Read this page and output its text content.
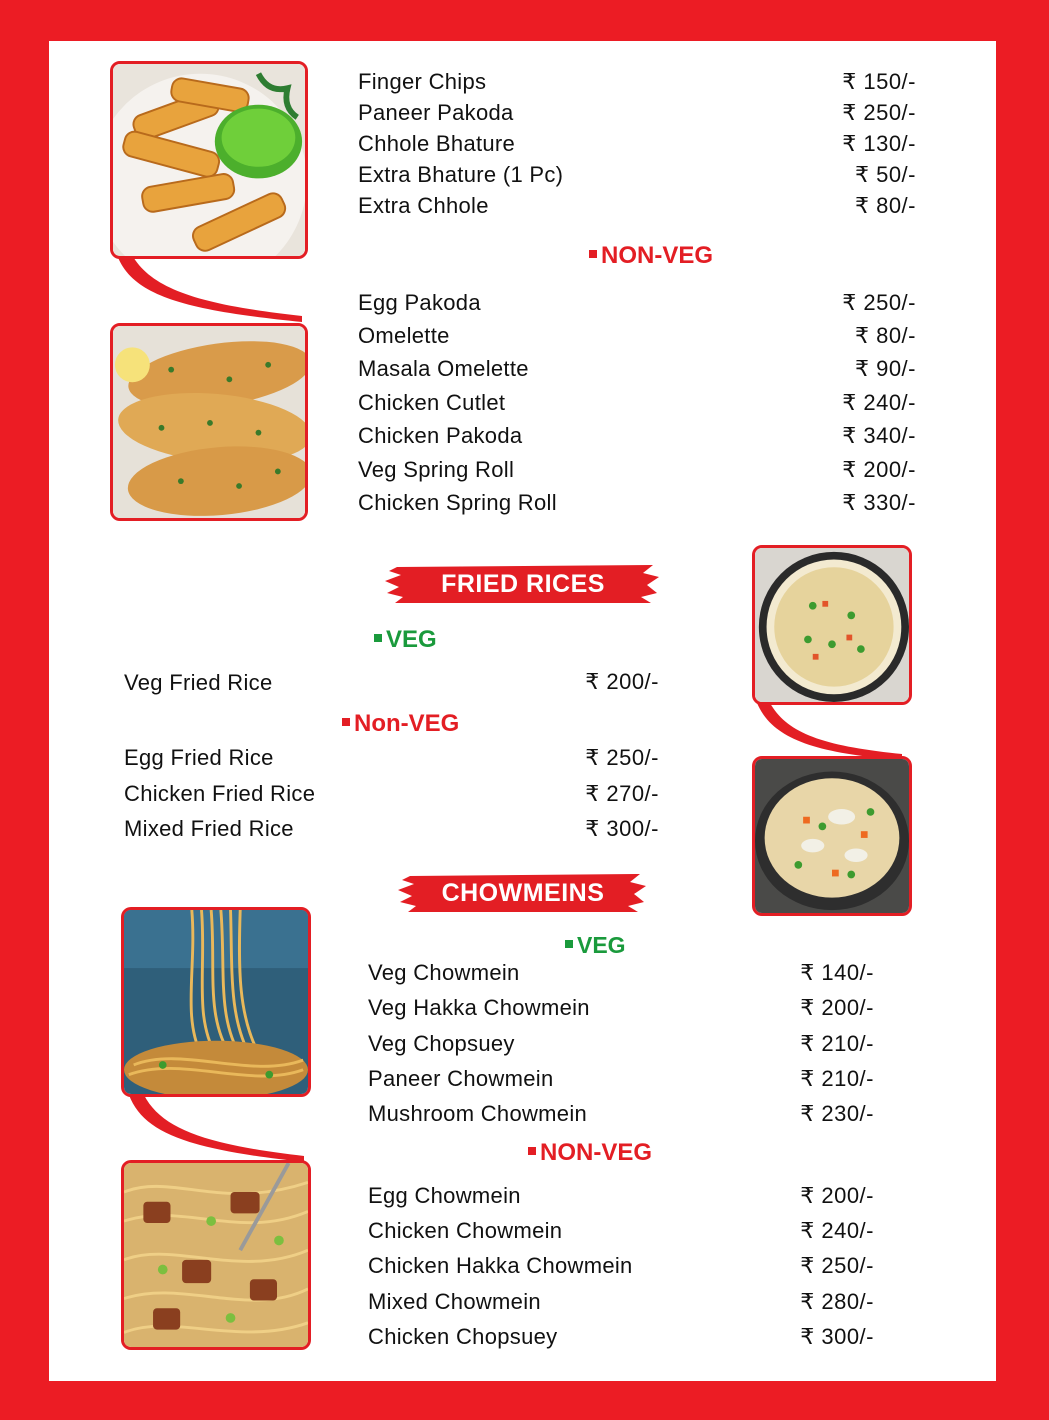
Finger Chips	₹ 150/-
Paneer Pakoda	₹ 250/-
Chhole Bhature	₹ 130/-
Extra Bhature (1 Pc)	₹ 50/-
Extra Chhole	₹ 80/-
NON-VEG
Egg Pakoda	₹ 250/-
Omelette	₹ 80/-
Masala Omelette	₹ 90/-
Chicken Cutlet	₹ 240/-
Chicken Pakoda	₹ 340/-
Veg Spring Roll	₹ 200/-
Chicken Spring Roll	₹ 330/-
FRIED RICES
VEG
Veg Fried Rice	₹ 200/-
Non-VEG
Egg Fried Rice	₹ 250/-
Chicken Fried Rice	₹ 270/-
Mixed Fried Rice	₹ 300/-
CHOWMEINS
VEG
Veg Chowmein	₹ 140/-
Veg Hakka Chowmein	₹ 200/-
Veg Chopsuey	₹ 210/-
Paneer Chowmein	₹ 210/-
Mushroom Chowmein	₹ 230/-
NON-VEG
Egg Chowmein	₹ 200/-
Chicken Chowmein	₹ 240/-
Chicken Hakka Chowmein	₹ 250/-
Mixed Chowmein	₹ 280/-
Chicken Chopsuey	₹ 300/-
